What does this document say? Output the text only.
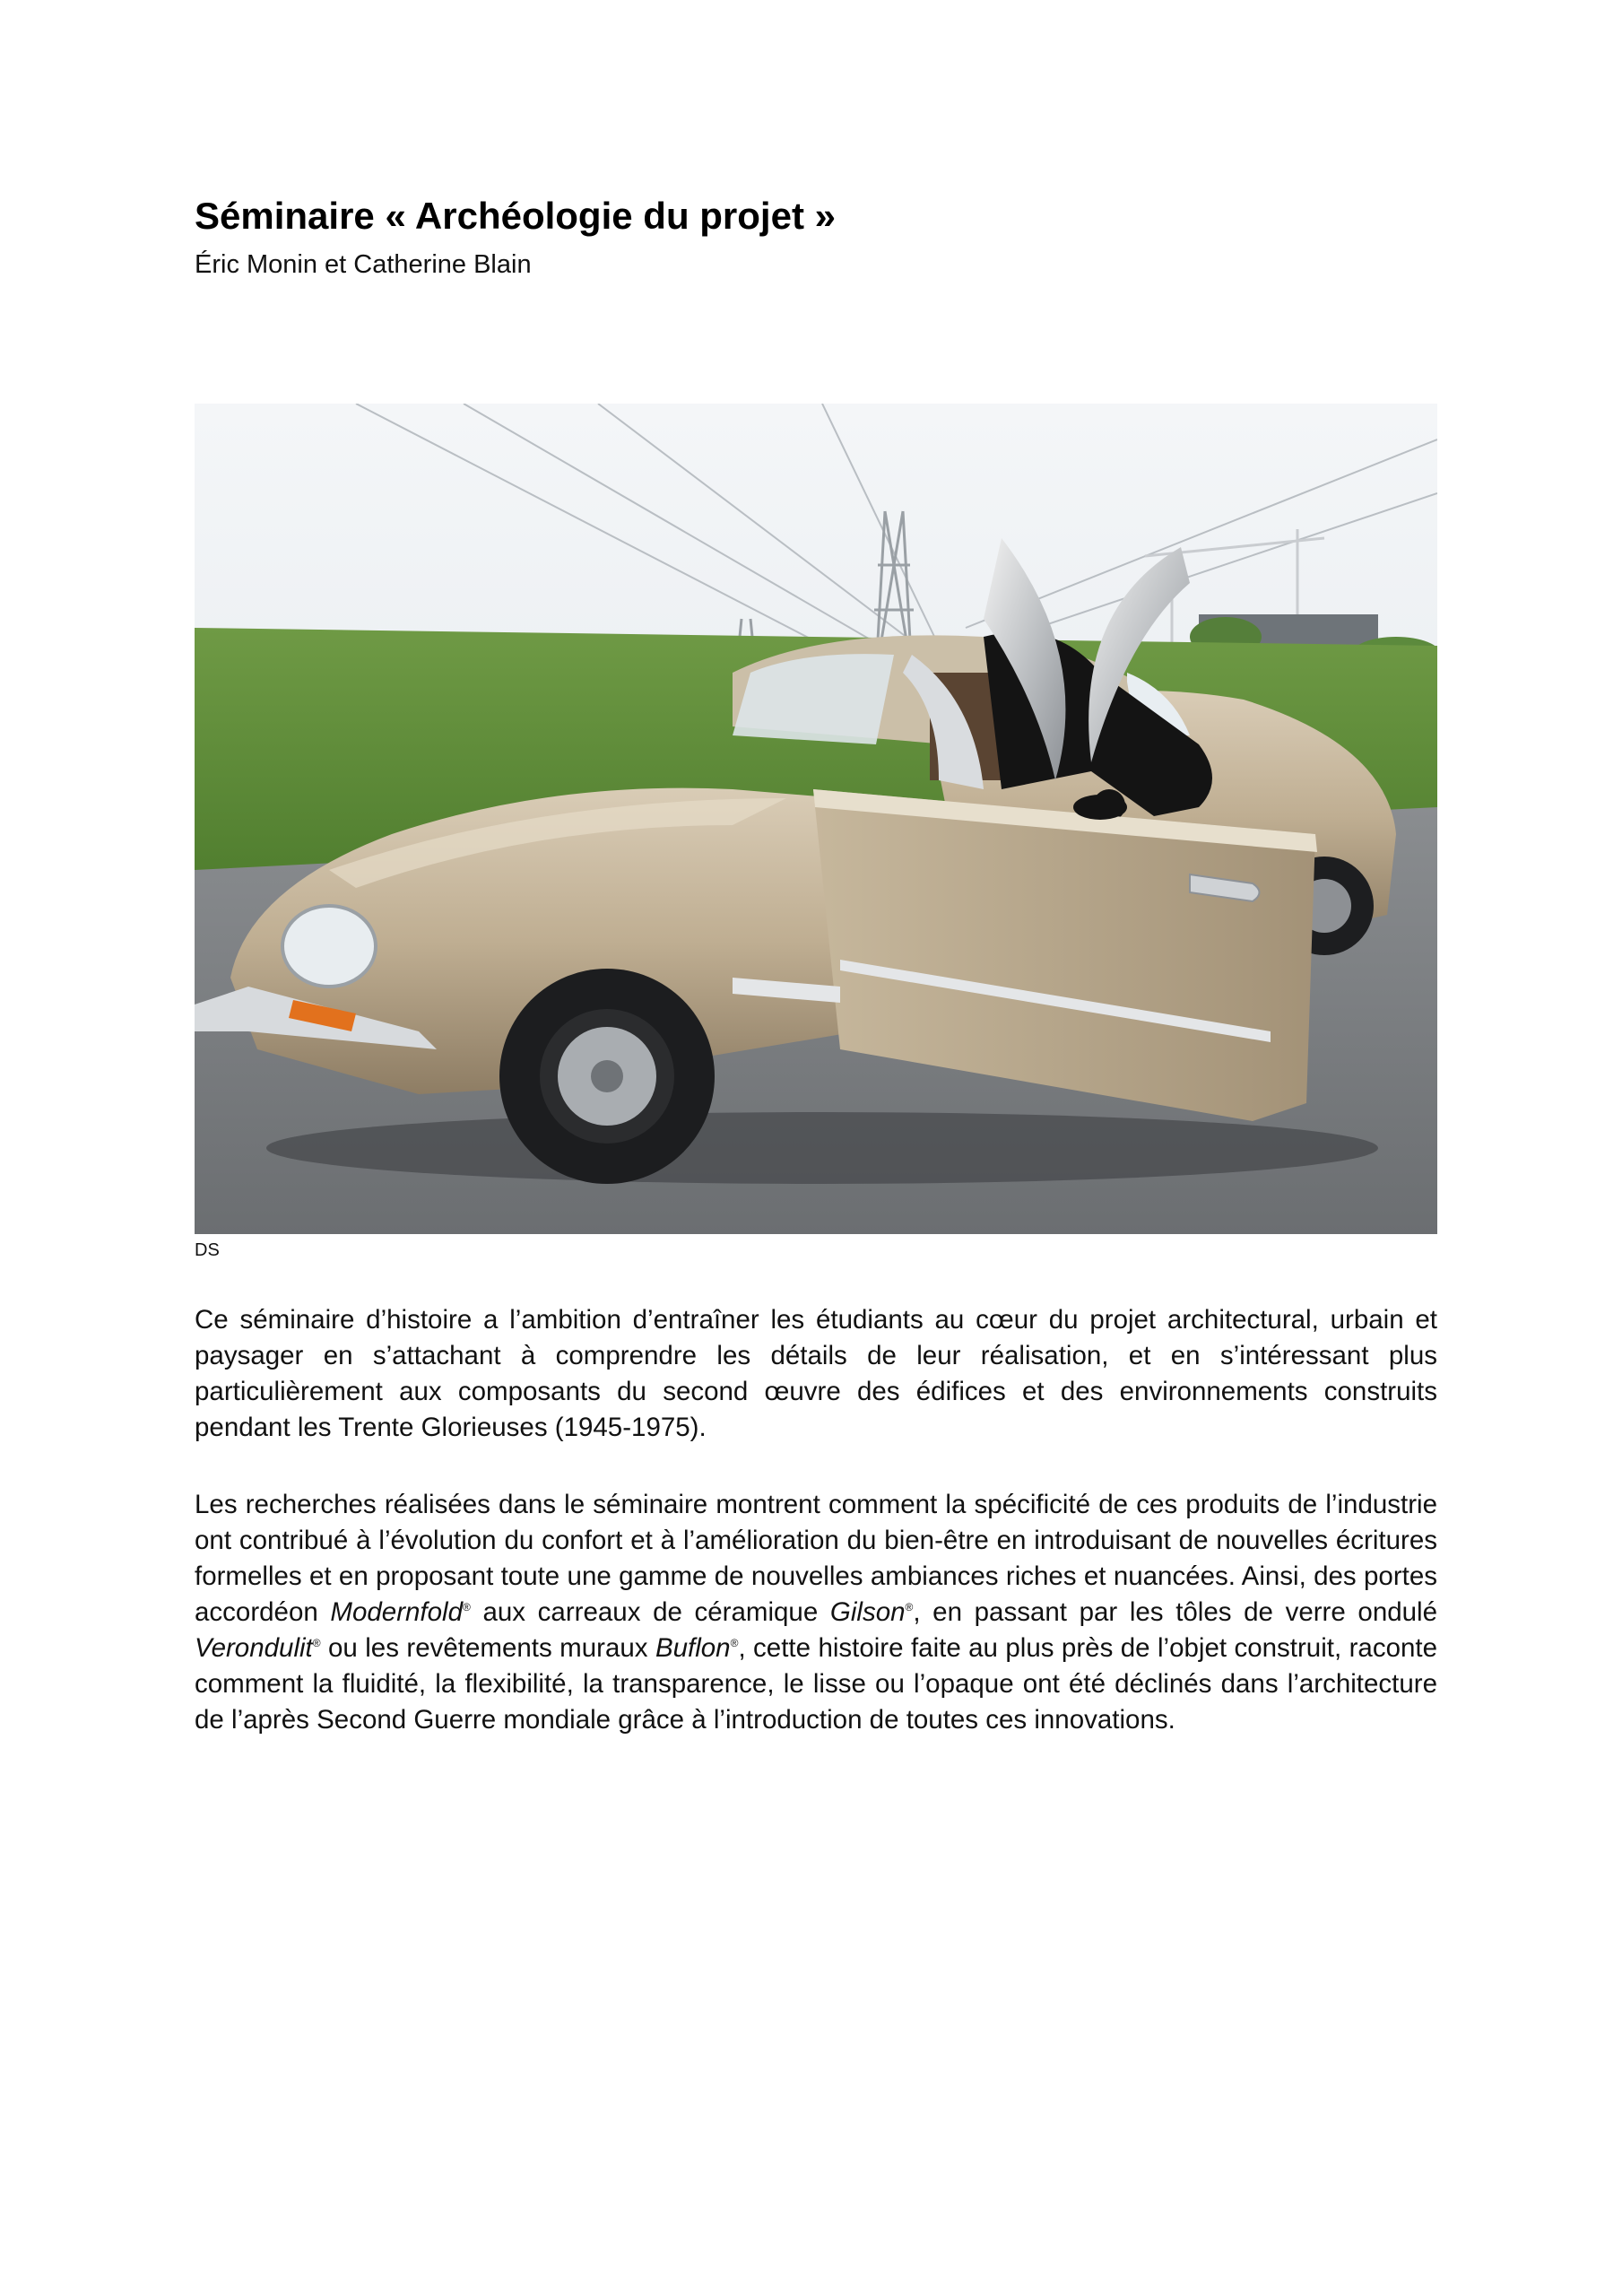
Séminaire « Archéologie du projet »

Éric Monin et Catherine Blain

DS

Ce séminaire d’histoire a l’ambition d’entraîner les étudiants au cœur du projet architectural, urbain et paysager en s’attachant à comprendre les détails de leur réalisation, et en s’intéressant plus particulièrement aux composants du second œuvre des édifices et des environnements construits pendant les Trente Glorieuses (1945-1975).

Les recherches réalisées dans le séminaire montrent comment la spécificité de ces produits de l’industrie ont contribué à l’évolution du confort et à l’amélioration du bien-être en introduisant de nouvelles écritures formelles et en proposant toute une gamme de nouvelles ambiances riches et nuancées. Ainsi, des portes accordéon Modernfold® aux carreaux de céramique Gilson®, en passant par les tôles de verre ondulé Verondulit® ou les revêtements muraux Buflon®, cette histoire faite au plus près de l’objet construit, raconte comment la fluidité, la flexibilité, la transparence, le lisse ou l’opaque ont été déclinés dans l’architecture de l’après Second Guerre mondiale grâce à l’introduction de toutes ces innovations.
